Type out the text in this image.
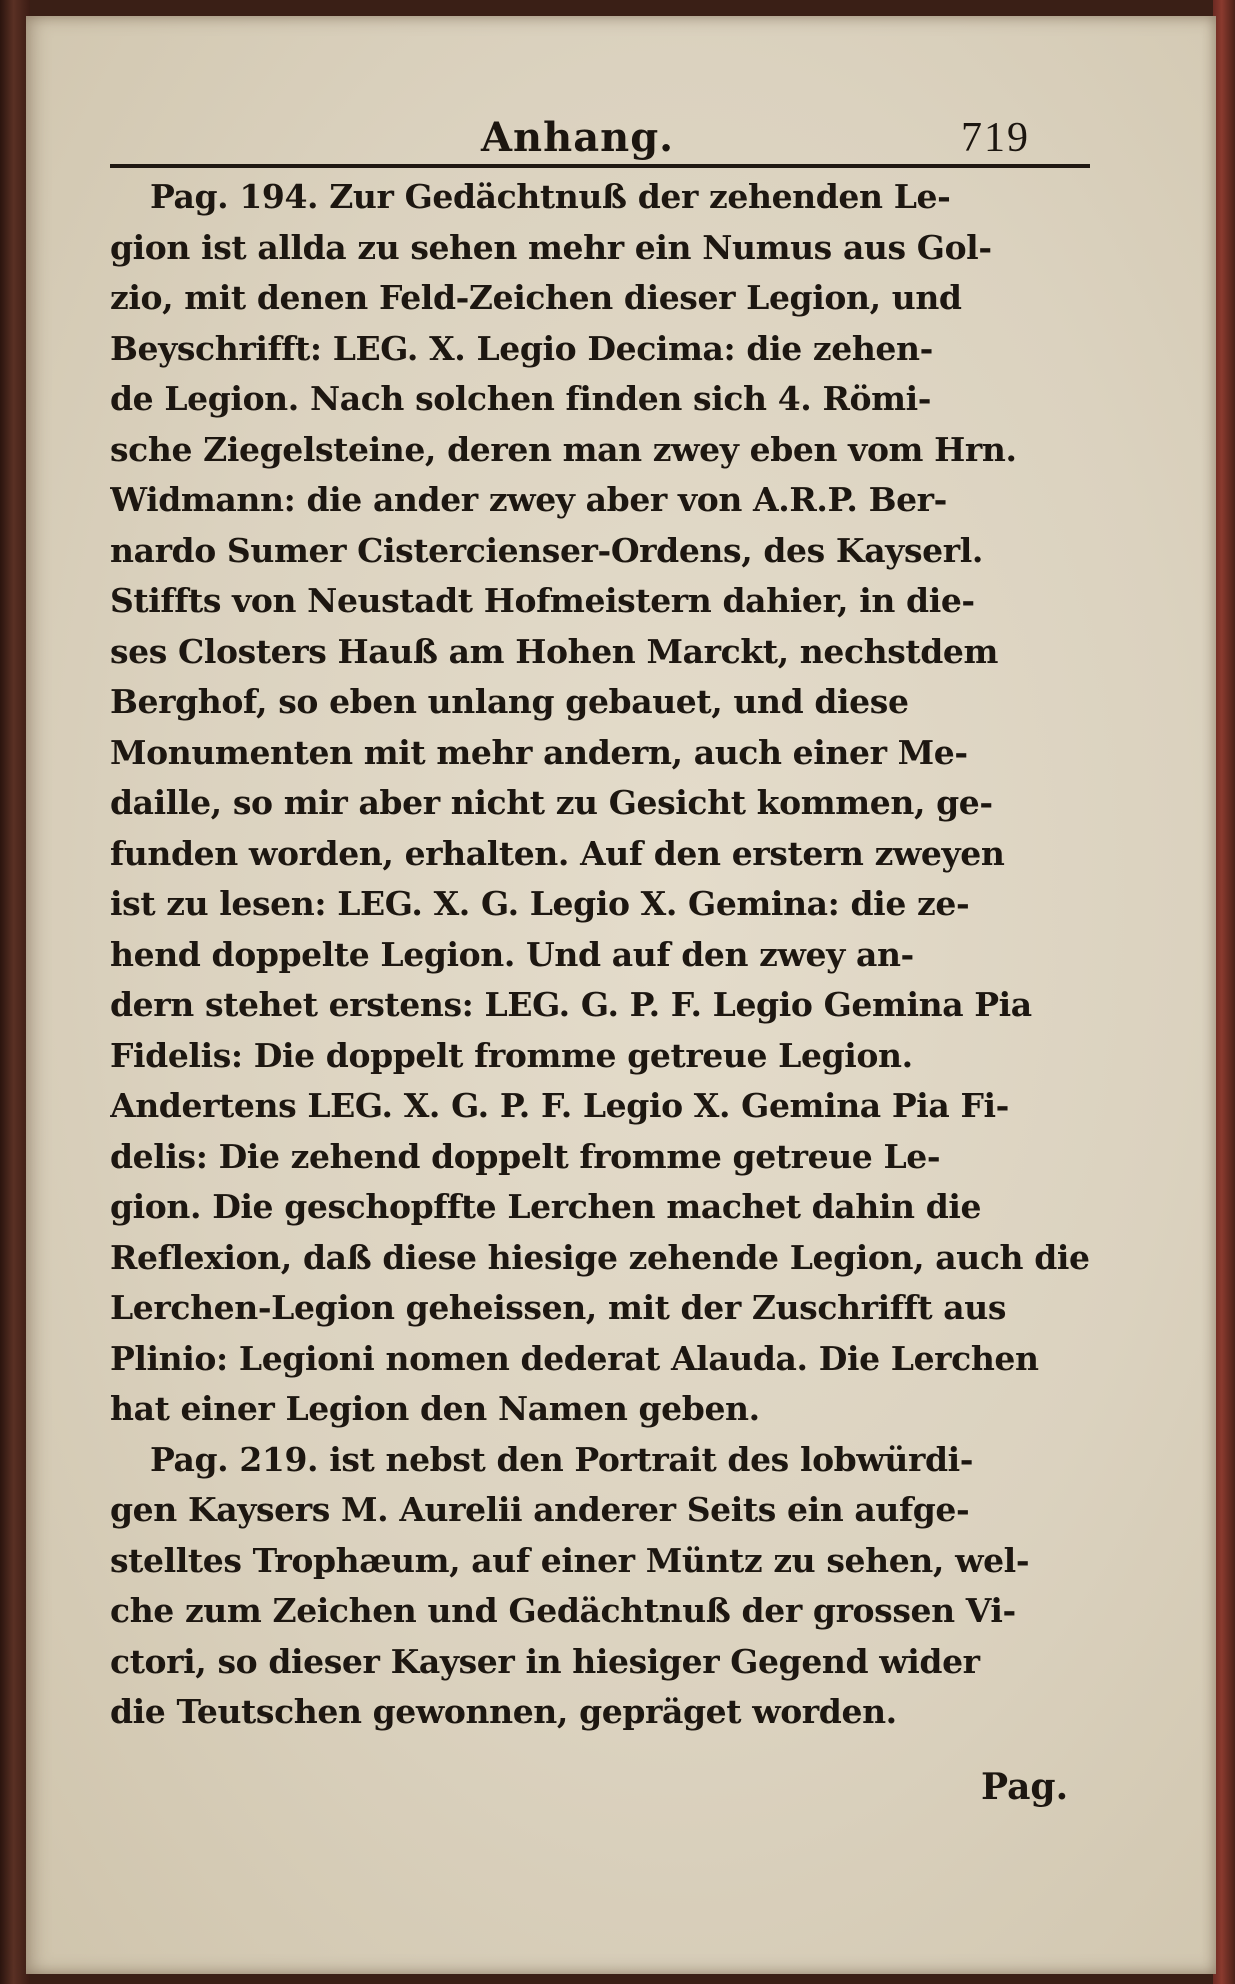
Anhang.	719
Pag. 194. Zur Gedächtnuß der zehenden Le-
gion ist allda zu sehen mehr ein Numus aus Gol-
zio, mit denen Feld-Zeichen dieser Legion, und
Beyschrifft: LEG. X. Legio Decima: die zehen-
de Legion. Nach solchen finden sich 4. Römi-
sche Ziegelsteine, deren man zwey eben vom Hrn.
Widmann: die ander zwey aber von A.R.P. Ber-
nardo Sumer Cistercienser-Ordens, des Kayserl.
Stiffts von Neustadt Hofmeistern dahier, in die-
ses Closters Hauß am Hohen Marckt, nechstdem
Berghof, so eben unlang gebauet, und diese
Monumenten mit mehr andern, auch einer Me-
daille, so mir aber nicht zu Gesicht kommen, ge-
funden worden, erhalten. Auf den erstern zweyen
ist zu lesen: LEG. X. G. Legio X. Gemina: die ze-
hend doppelte Legion. Und auf den zwey an-
dern stehet erstens: LEG. G. P. F. Legio Gemina Pia
Fidelis: Die doppelt fromme getreue Legion.
Andertens LEG. X. G. P. F. Legio X. Gemina Pia Fi-
delis: Die zehend doppelt fromme getreue Le-
gion. Die geschopffte Lerchen machet dahin die
Reflexion, daß diese hiesige zehende Legion, auch die
Lerchen-Legion geheissen, mit der Zuschrifft aus
Plinio: Legioni nomen dederat Alauda. Die Lerchen
hat einer Legion den Namen geben.
Pag. 219. ist nebst den Portrait des lobwürdi-
gen Kaysers M. Aurelii anderer Seits ein aufge-
stelltes Trophæum, auf einer Müntz zu sehen, wel-
che zum Zeichen und Gedächtnuß der grossen Vi-
ctori, so dieser Kayser in hiesiger Gegend wider
die Teutschen gewonnen, gepräget worden.
Pag.
